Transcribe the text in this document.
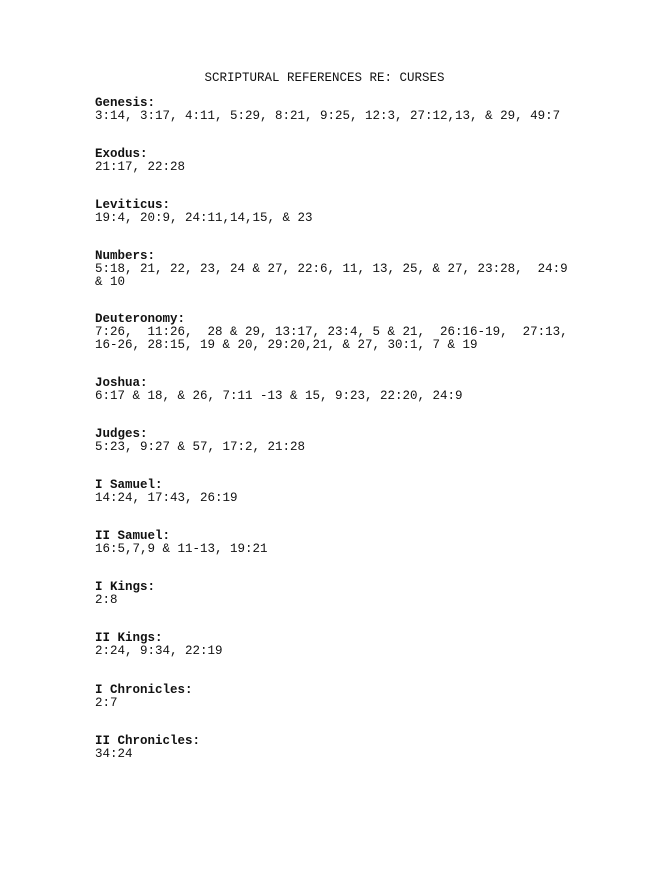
SCRIPTURAL REFERENCES RE: CURSES
Genesis:
3:14, 3:17, 4:11, 5:29, 8:21, 9:25, 12:3, 27:12,13, & 29, 49:7
Exodus:
21:17, 22:28
Leviticus:
19:4, 20:9, 24:11,14,15, & 23
Numbers:
5:18, 21, 22, 23, 24 & 27, 22:6, 11, 13, 25, & 27, 23:28,  24:9
& 10
Deuteronomy:
7:26,  11:26,  28 & 29, 13:17, 23:4, 5 & 21,  26:16-19,  27:13,
16-26, 28:15, 19 & 20, 29:20,21, & 27, 30:1, 7 & 19
Joshua:
6:17 & 18, & 26, 7:11 -13 & 15, 9:23, 22:20, 24:9
Judges:
5:23, 9:27 & 57, 17:2, 21:28
I Samuel:
14:24, 17:43, 26:19
II Samuel:
16:5,7,9 & 11-13, 19:21
I Kings:
2:8
II Kings:
2:24, 9:34, 22:19
I Chronicles:
2:7
II Chronicles:
34:24
